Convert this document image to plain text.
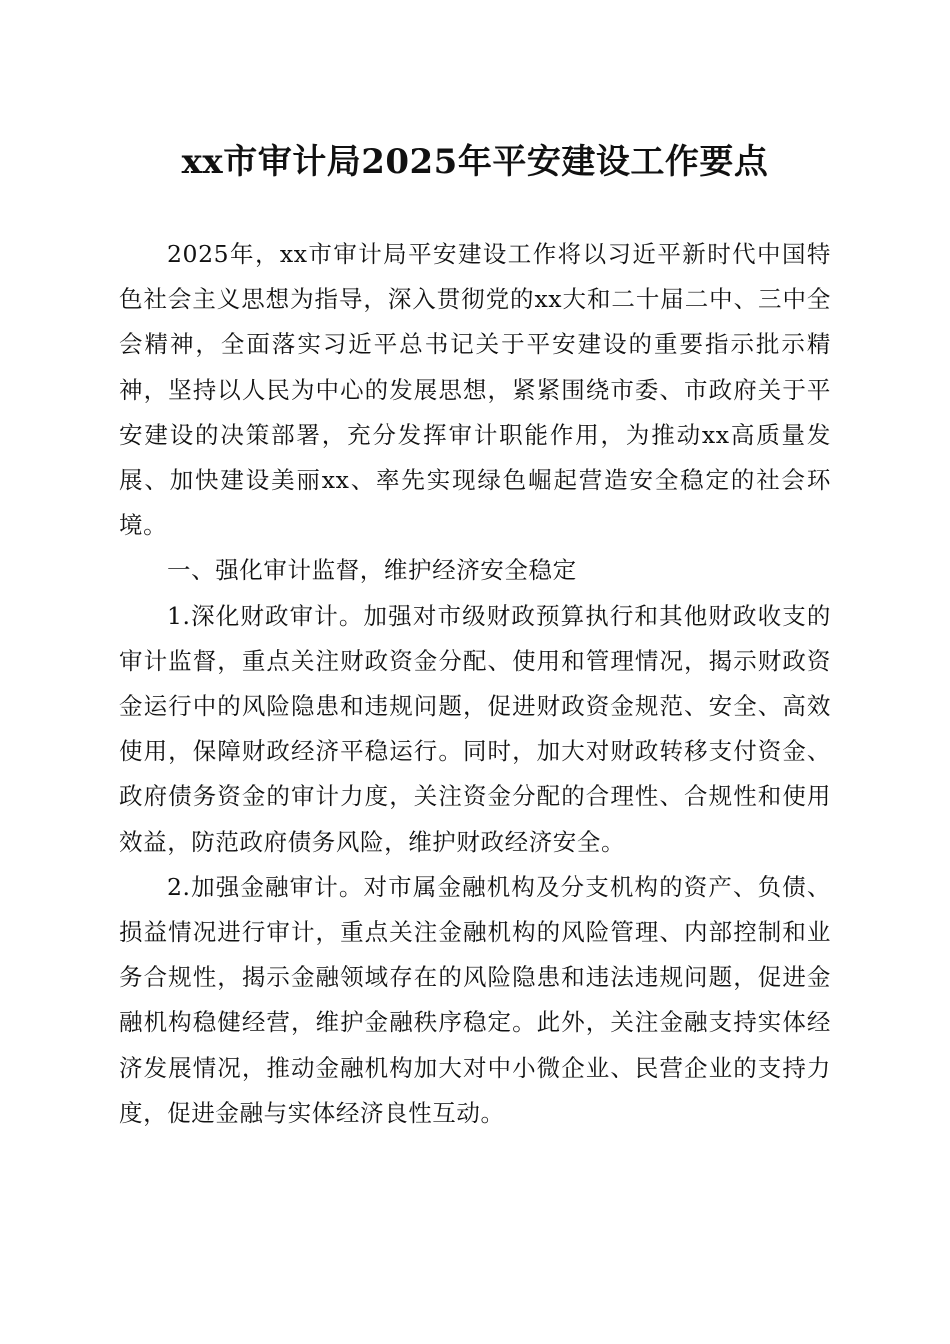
xx市审计局2025年平安建设工作要点

2025年，xx市审计局平安建设工作将以习近平新时代中国特色社会主义思想为指导，深入贯彻党的xx大和二十届二中、三中全会精神，全面落实习近平总书记关于平安建设的重要指示批示精神，坚持以人民为中心的发展思想，紧紧围绕市委、市政府关于平安建设的决策部署，充分发挥审计职能作用，为推动xx高质量发展、加快建设美丽xx、率先实现绿色崛起营造安全稳定的社会环境。

一、强化审计监督，维护经济安全稳定

1.深化财政审计。加强对市级财政预算执行和其他财政收支的审计监督，重点关注财政资金分配、使用和管理情况，揭示财政资金运行中的风险隐患和违规问题，促进财政资金规范、安全、高效使用，保障财政经济平稳运行。同时，加大对财政转移支付资金、政府债务资金的审计力度，关注资金分配的合理性、合规性和使用效益，防范政府债务风险，维护财政经济安全。

2.加强金融审计。对市属金融机构及分支机构的资产、负债、损益情况进行审计，重点关注金融机构的风险管理、内部控制和业务合规性，揭示金融领域存在的风险隐患和违法违规问题，促进金融机构稳健经营，维护金融秩序稳定。此外，关注金融支持实体经济发展情况，推动金融机构加大对中小微企业、民营企业的支持力度，促进金融与实体经济良性互动。
